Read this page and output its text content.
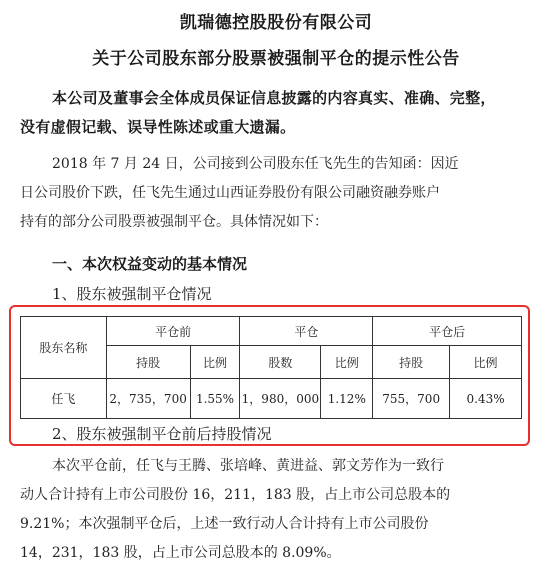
凯瑞德控股股份有限公司
关于公司股东部分股票被强制平仓的提示性公告
本公司及董事会全体成员保证信息披露的内容真实、准确、完整，
没有虚假记载、误导性陈述或重大遗漏。
2018 年 7 月 24 日，公司接到公司股东任飞先生的告知函：因近
日公司股价下跌，任飞先生通过山西证券股份有限公司融资融券账户
持有的部分公司股票被强制平仓。具体情况如下：
一、本次权益变动的基本情况
1、股东被强制平仓情况
股东名称	平仓前		平仓		平仓后	
	持股	比例	股数	比例	持股	比例
任飞	2，735，700	1.55%	1，980，000	1.12%	755，700	0.43%
2、股东被强制平仓前后持股情况
本次平仓前，任飞与王腾、张培峰、黄进益、郭文芳作为一致行
动人合计持有上市公司股份 16，211，183 股，占上市公司总股本的
9.21%；本次强制平仓后，上述一致行动人合计持有上市公司股份
14，231，183 股，占上市公司总股本的 8.09%。
